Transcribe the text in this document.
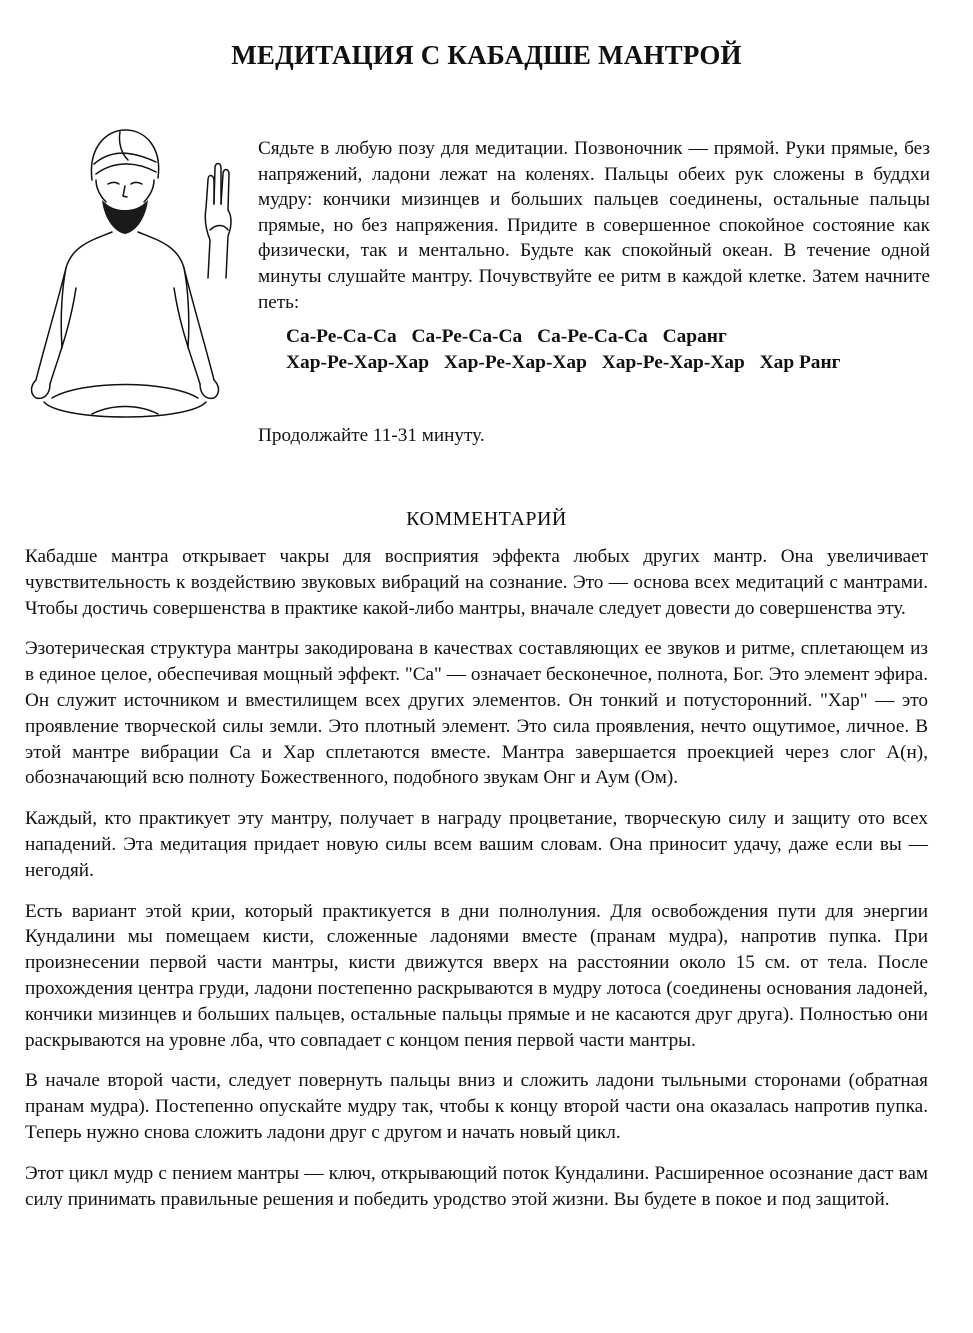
МЕДИТАЦИЯ С КАБАДШЕ МАНТРОЙ
Сядьте в любую позу для медитации. Позвоночник — прямой. Руки прямые, без напряжений, ладони лежат на коленях. Пальцы обеих рук сложены в буддхи мудру: кончики мизинцев и больших пальцев соединены, остальные пальцы прямые, но без напряжения. Придите в совершенное спокойное состояние как физически, так и ментально. Будьте как спокойный океан. В течение одной минуты слушайте мантру. Почувствуйте ее ритм в каждой клетке. Затем начните петь:
Са-Ре-Са-Са Са-Ре-Са-Са Са-Ре-Са-Са Саранг
Хар-Ре-Хар-Хар Хар-Ре-Хар-Хар Хар-Ре-Хар-Хар Хар Ранг
Продолжайте 11-31 минуту.
КОММЕНТАРИЙ

Кабадше мантра открывает чакры для восприятия эффекта любых других мантр. Она увеличивает чувствительность к воздействию звуковых вибраций на сознание. Это — основа всех медитаций с мантрами. Чтобы достичь совершенства в практике какой-либо мантры, вначале следует довести до совершенства эту.

Эзотерическая структура мантры закодирована в качествах составляющих ее звуков и ритме, сплетающем из в единое целое, обеспечивая мощный эффект. "Са" — означает бесконечное, полнота, Бог. Это элемент эфира. Он служит источником и вместилищем всех других элементов. Он тонкий и потусторонний. "Хар" — это проявление творческой силы земли. Это плотный элемент. Это сила проявления, нечто ощутимое, личное. В этой мантре вибрации Са и Хар сплетаются вместе. Мантра завершается проекцией через слог А(н), обозначающий всю полноту Божественного, подобного звукам Онг и Аум (Ом).

Каждый, кто практикует эту мантру, получает в награду процветание, творческую силу и защиту ото всех нападений. Эта медитация придает новую силы всем вашим словам. Она приносит удачу, даже если вы — негодяй.

Есть вариант этой крии, который практикуется в дни полнолуния. Для освобождения пути для энергии Кундалини мы помещаем кисти, сложенные ладонями вместе (пранам мудра), напротив пупка. При произнесении первой части мантры, кисти движутся вверх на расстоянии около 15 см. от тела. После прохождения центра груди, ладони постепенно раскрываются в мудру лотоса (соединены основания ладоней, кончики мизинцев и больших пальцев, остальные пальцы прямые и не касаются друг друга). Полностью они раскрываются на уровне лба, что совпадает с концом пения первой части мантры.

В начале второй части, следует повернуть пальцы вниз и сложить ладони тыльными сторонами (обратная пранам мудра). Постепенно опускайте мудру так, чтобы к концу второй части она оказалась напротив пупка. Теперь нужно снова сложить ладони друг с другом и начать новый цикл.

Этот цикл мудр с пением мантры — ключ, открывающий поток Кундалини. Расширенное осознание даст вам силу принимать правильные решения и победить уродство этой жизни. Вы будете в покое и под защитой.
